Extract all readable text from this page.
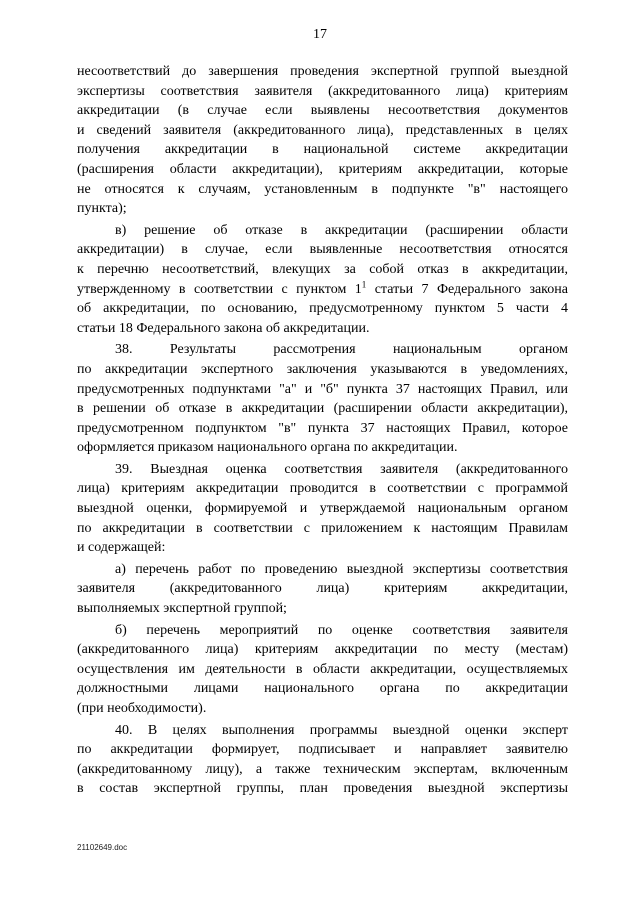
17
несоответствий до завершения проведения экспертной группой выездной
экспертизы соответствия заявителя (аккредитованного лица) критериям
аккредитации (в случае если выявлены несоответствия документов
и сведений заявителя (аккредитованного лица), представленных в целях
получения аккредитации в национальной системе аккредитации
(расширения области аккредитации), критериям аккредитации, которые
не относятся к случаям, установленным в подпункте "в" настоящего
пункта);
в) решение об отказе в аккредитации (расширении области
аккредитации) в случае, если выявленные несоответствия относятся
к перечню несоответствий, влекущих за собой отказ в аккредитации,
утвержденному в соответствии с пунктом $1^1$ статьи 7 Федерального закона
об аккредитации, по основанию, предусмотренному пунктом 5 части 4
статьи 18 Федерального закона об аккредитации.
38. Результаты рассмотрения национальным органом
по аккредитации экспертного заключения указываются в уведомлениях,
предусмотренных подпунктами "а" и "б" пункта 37 настоящих Правил, или
в решении об отказе в аккредитации (расширении области аккредитации),
предусмотренном подпунктом "в" пункта 37 настоящих Правил, которое
оформляется приказом национального органа по аккредитации.
39. Выездная оценка соответствия заявителя (аккредитованного
лица) критериям аккредитации проводится в соответствии с программой
выездной оценки, формируемой и утверждаемой национальным органом
по аккредитации в соответствии с приложением к настоящим Правилам
и содержащей:
а) перечень работ по проведению выездной экспертизы соответствия
заявителя (аккредитованного лица) критериям аккредитации,
выполняемых экспертной группой;
б) перечень мероприятий по оценке соответствия заявителя
(аккредитованного лица) критериям аккредитации по месту (местам)
осуществления им деятельности в области аккредитации, осуществляемых
должностными лицами национального органа по аккредитации
(при необходимости).
40. В целях выполнения программы выездной оценки эксперт
по аккредитации формирует, подписывает и направляет заявителю
(аккредитованному лицу), а также техническим экспертам, включенным
в состав экспертной группы, план проведения выездной экспертизы
21102649.doc
